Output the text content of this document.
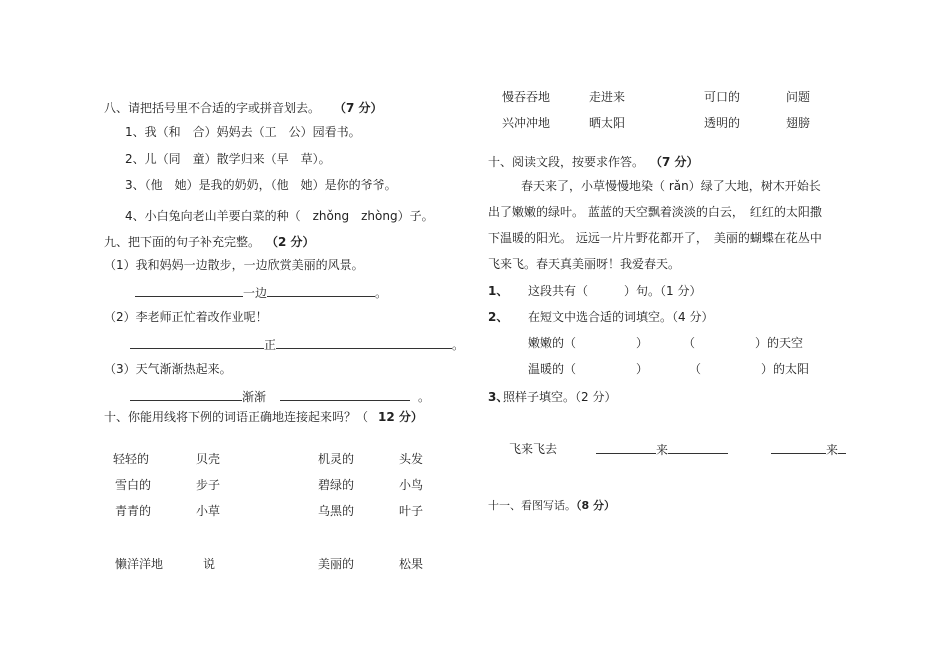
八、请把括号里不合适的字或拼音划去。 （7 分）
1、我（和　合）妈妈去（工　公）园看书。
2、儿（同　童）散学归来（早　草）。
3、（他　她）是我的奶奶，（他　她）是你的爷爷。
4、小白兔向老山羊要白菜的种（　zhǒng　zhòng）子。
九、把下面的句子补充完整。 （2 分）
（1）我和妈妈一边散步，一边欣赏美丽的风景。
一边	。
（2）李老师正忙着改作业呢！
正	。
（3）天气渐渐热起来。
渐渐	。
十、你能用线将下例的词语正确地连接起来吗？（ 12 分）
轻轻的	贝壳	机灵的	头发
雪白的	步子	碧绿的	小鸟
青青的	小草	乌黑的	叶子
懒洋洋地	说	美丽的	松果
慢吞吞地	走进来	可口的	问题
兴冲冲地	晒太阳	透明的	翅膀
十、阅读文段，按要求作答。 （7 分）
春天来了，小草慢慢地染（ rǎn）绿了大地，树木开始长
出了嫩嫩的绿叶。 蓝蓝的天空飘着淡淡的白云，　红红的太阳撒
下温暖的阳光。 远远一片片野花都开了，　美丽的蝴蝶在花丛中
飞来飞。春天真美丽呀！我爱春天。
1、 这段共有（　　　）句。（1 分）
2、 在短文中选合适的词填空。（4 分）
嫩嫩的（　　　　　）	（　　　　　）的天空
温暖的（　　　　　）	（　　　　　）的太阳
3、
照样子填空。（2 分）
飞来飞去	来	来
十一、看图写话。（8 分）
